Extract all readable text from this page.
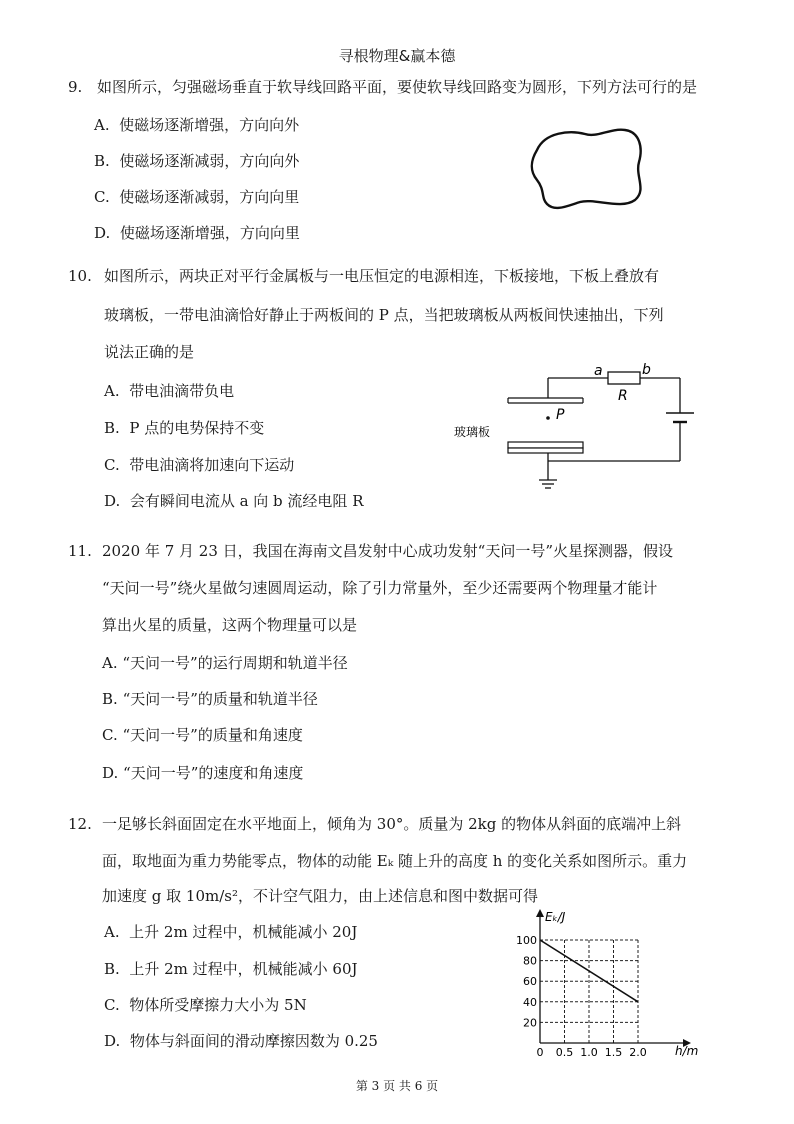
寻根物理&赢本德
9. 如图所示，匀强磁场垂直于软导线回路平面，要使软导线回路变为圆形，下列方法可行的是
A. 使磁场逐渐增强，方向向外
B. 使磁场逐渐减弱，方向向外
C. 使磁场逐渐减弱，方向向里
D. 使磁场逐渐增强，方向向里
10. 如图所示，两块正对平行金属板与一电压恒定的电源相连，下板接地，下板上叠放有
玻璃板，一带电油滴恰好静止于两板间的 P 点，当把玻璃板从两板间快速抽出，下列
说法正确的是
A. 带电油滴带负电
B. P 点的电势保持不变
C. 带电油滴将加速向下运动
D. 会有瞬间电流从 a 向 b 流经电阻 R
P
a	b
R
玻璃板
11. 2020 年 7 月 23 日，我国在海南文昌发射中心成功发射“天问一号”火星探测器，假设
“天问一号”绕火星做匀速圆周运动，除了引力常量外，至少还需要两个物理量才能计
算出火星的质量，这两个物理量可以是
A. “天问一号”的运行周期和轨道半径
B. “天问一号”的质量和轨道半径
C. “天问一号”的质量和角速度
D. “天问一号”的速度和角速度
12. 一足够长斜面固定在水平地面上，倾角为 30°。质量为 2kg 的物体从斜面的底端冲上斜
面，取地面为重力势能零点，物体的动能 Eₖ 随上升的高度 h 的变化关系如图所示。重力
加速度 g 取 10m/s²，不计空气阻力，由上述信息和图中数据可得
A. 上升 2m 过程中，机械能减小 20J
B. 上升 2m 过程中，机械能减小 60J
C. 物体所受摩擦力大小为 5N
D. 物体与斜面间的滑动摩擦因数为 0.25
0 0.5 1.0 1.5 2.0
20
40
60
80
100
Eₖ/J
h/m
第 3 页 共 6 页
